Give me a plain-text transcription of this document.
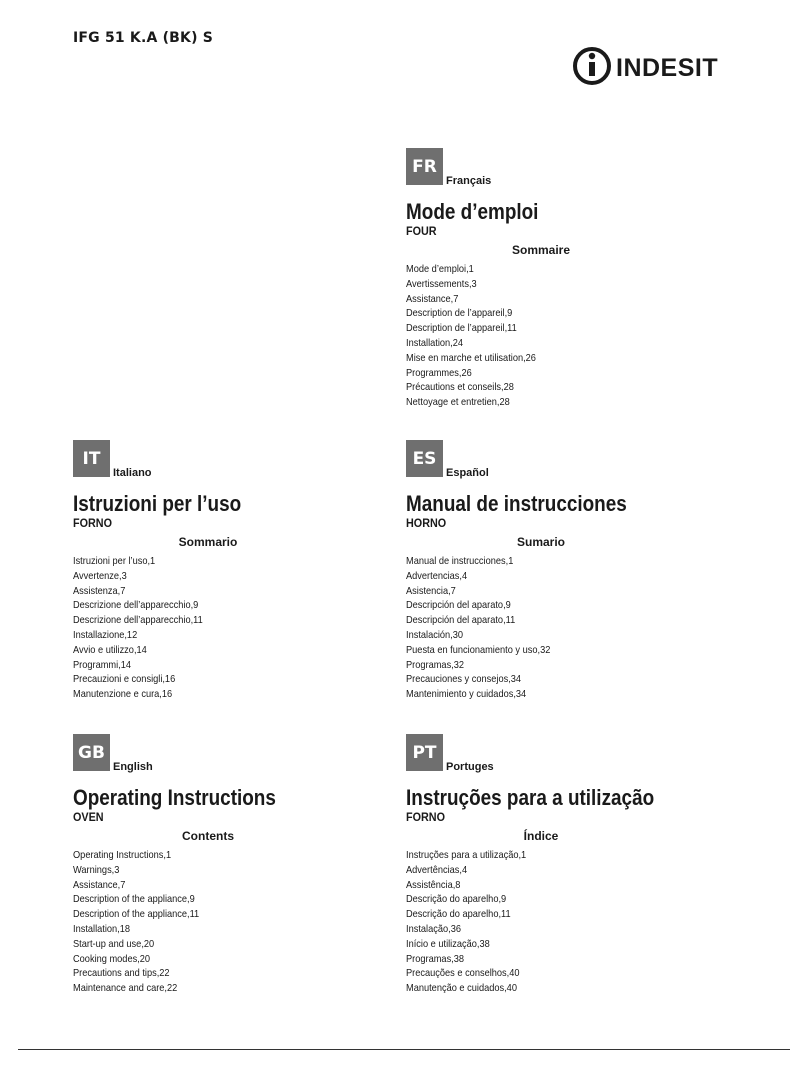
IFG 51 K.A (BK) S
INDESIT
FR
Français
Mode d’emploi
FOUR
Sommaire
Mode d’emploi,1
Avertissements,3
Assistance,7
Description de l’appareil,9
Description de l’appareil,11
Installation,24
Mise en marche et utilisation,26
Programmes,26
Précautions et conseils,28
Nettoyage et entretien,28
IT
Italiano
Istruzioni per l’uso
FORNO
Sommario
Istruzioni per l’uso,1
Avvertenze,3
Assistenza,7
Descrizione dell’apparecchio,9
Descrizione dell’apparecchio,11
Installazione,12
Avvio e utilizzo,14
Programmi,14
Precauzioni e consigli,16
Manutenzione e cura,16
ES
Español
Manual de instrucciones
HORNO
Sumario
Manual de instrucciones,1
Advertencias,4
Asistencia,7
Descripción del aparato,9
Descripción del aparato,11
Instalación,30
Puesta en funcionamiento y uso,32
Programas,32
Precauciones y consejos,34
Mantenimiento y cuidados,34
GB
English
Operating Instructions
OVEN
Contents
Operating Instructions,1
Warnings,3
Assistance,7
Description of the appliance,9
Description of the appliance,11
Installation,18
Start-up and use,20
Cooking modes,20
Precautions and tips,22
Maintenance and care,22
PT
Portuges
Instruções para a utilização
FORNO
Índice
Instruções para a utilização,1
Advertências,4
Assistência,8
Descrição do aparelho,9
Descrição do aparelho,11
Instalação,36
Início e utilização,38
Programas,38
Precauções e conselhos,40
Manutenção e cuidados,40
